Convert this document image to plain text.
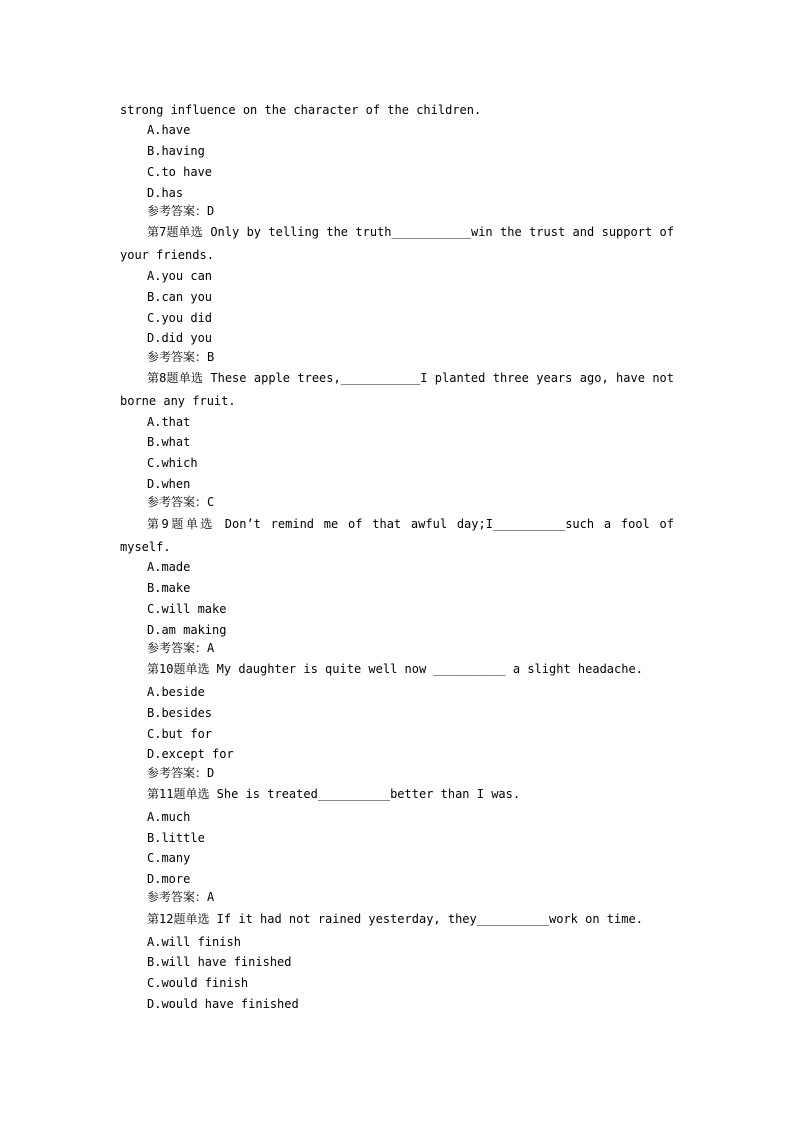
strong influence on the character of the children.
A.have
B.having
C.to have
D.has
参考答案：D
第7题单选 Only by telling the truth___________win the trust and support of
your friends.
A.you can
B.can you
C.you did
D.did you
参考答案：B
第8题单选 These apple trees,___________I planted three years ago, have not
borne any fruit.
A.that
B.what
C.which
D.when
参考答案：C
第9题单选 Don’t remind me of that awful day;I__________such a fool of
myself.
A.made
B.make
C.will make
D.am making
参考答案：A
第10题单选 My daughter is quite well now __________ a slight headache.
A.beside
B.besides
C.but for
D.except for
参考答案：D
第11题单选 She is treated__________better than I was.
A.much
B.little
C.many
D.more
参考答案：A
第12题单选 If it had not rained yesterday, they__________work on time.
A.will finish
B.will have finished
C.would finish
D.would have finished
